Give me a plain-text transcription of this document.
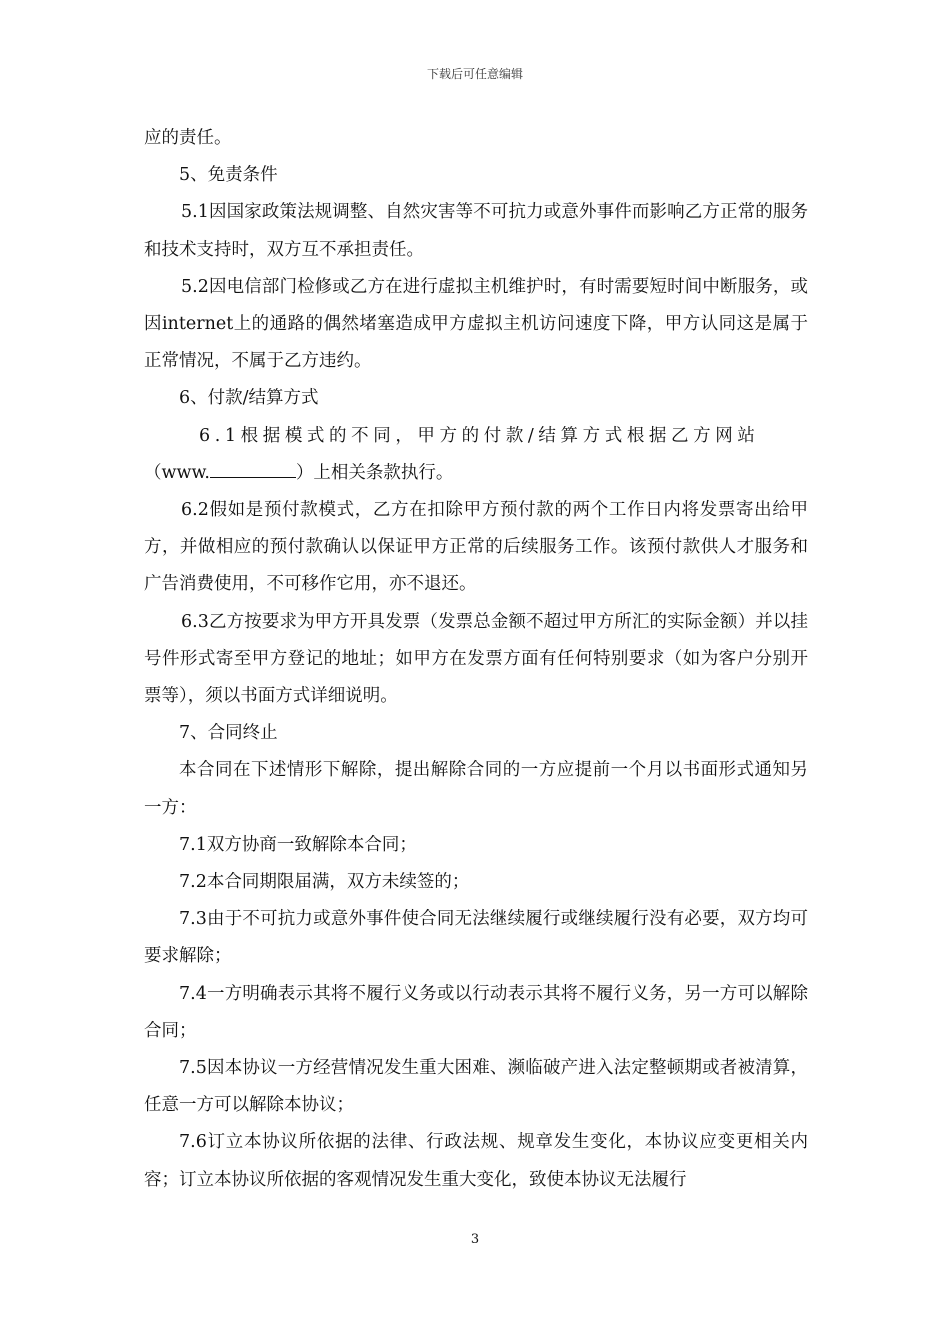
下载后可任意编辑

应的责任。

5、免责条件

5.1因国家政策法规调整、自然灾害等不可抗力或意外事件而影响乙方正常的服务和技术支持时，双方互不承担责任。

5.2因电信部门检修或乙方在进行虚拟主机维护时，有时需要短时间中断服务，或因internet上的通路的偶然堵塞造成甲方虚拟主机访问速度下降，甲方认同这是属于正常情况，不属于乙方违约。

6、付款/结算方式

6.1根据模式的不同，甲方的付款/结算方式根据乙方网站

（www.	）上相关条款执行。

6.2假如是预付款模式，乙方在扣除甲方预付款的两个工作日内将发票寄出给甲方，并做相应的预付款确认以保证甲方正常的后续服务工作。该预付款供人才服务和广告消费使用，不可移作它用，亦不退还。

6.3乙方按要求为甲方开具发票（发票总金额不超过甲方所汇的实际金额）并以挂号件形式寄至甲方登记的地址；如甲方在发票方面有任何特别要求（如为客户分别开票等），须以书面方式详细说明。

7、合同终止

本合同在下述情形下解除，提出解除合同的一方应提前一个月以书面形式通知另一方：

7.1双方协商一致解除本合同；

7.2本合同期限届满，双方未续签的；

7.3由于不可抗力或意外事件使合同无法继续履行或继续履行没有必要，双方均可要求解除；

7.4一方明确表示其将不履行义务或以行动表示其将不履行义务，另一方可以解除合同；

7.5因本协议一方经营情况发生重大困难、濒临破产进入法定整顿期或者被清算，任意一方可以解除本协议；

7.6订立本协议所依据的法律、行政法规、规章发生变化，本协议应变更相关内容；订立本协议所依据的客观情况发生重大变化，致使本协议无法履行

3
